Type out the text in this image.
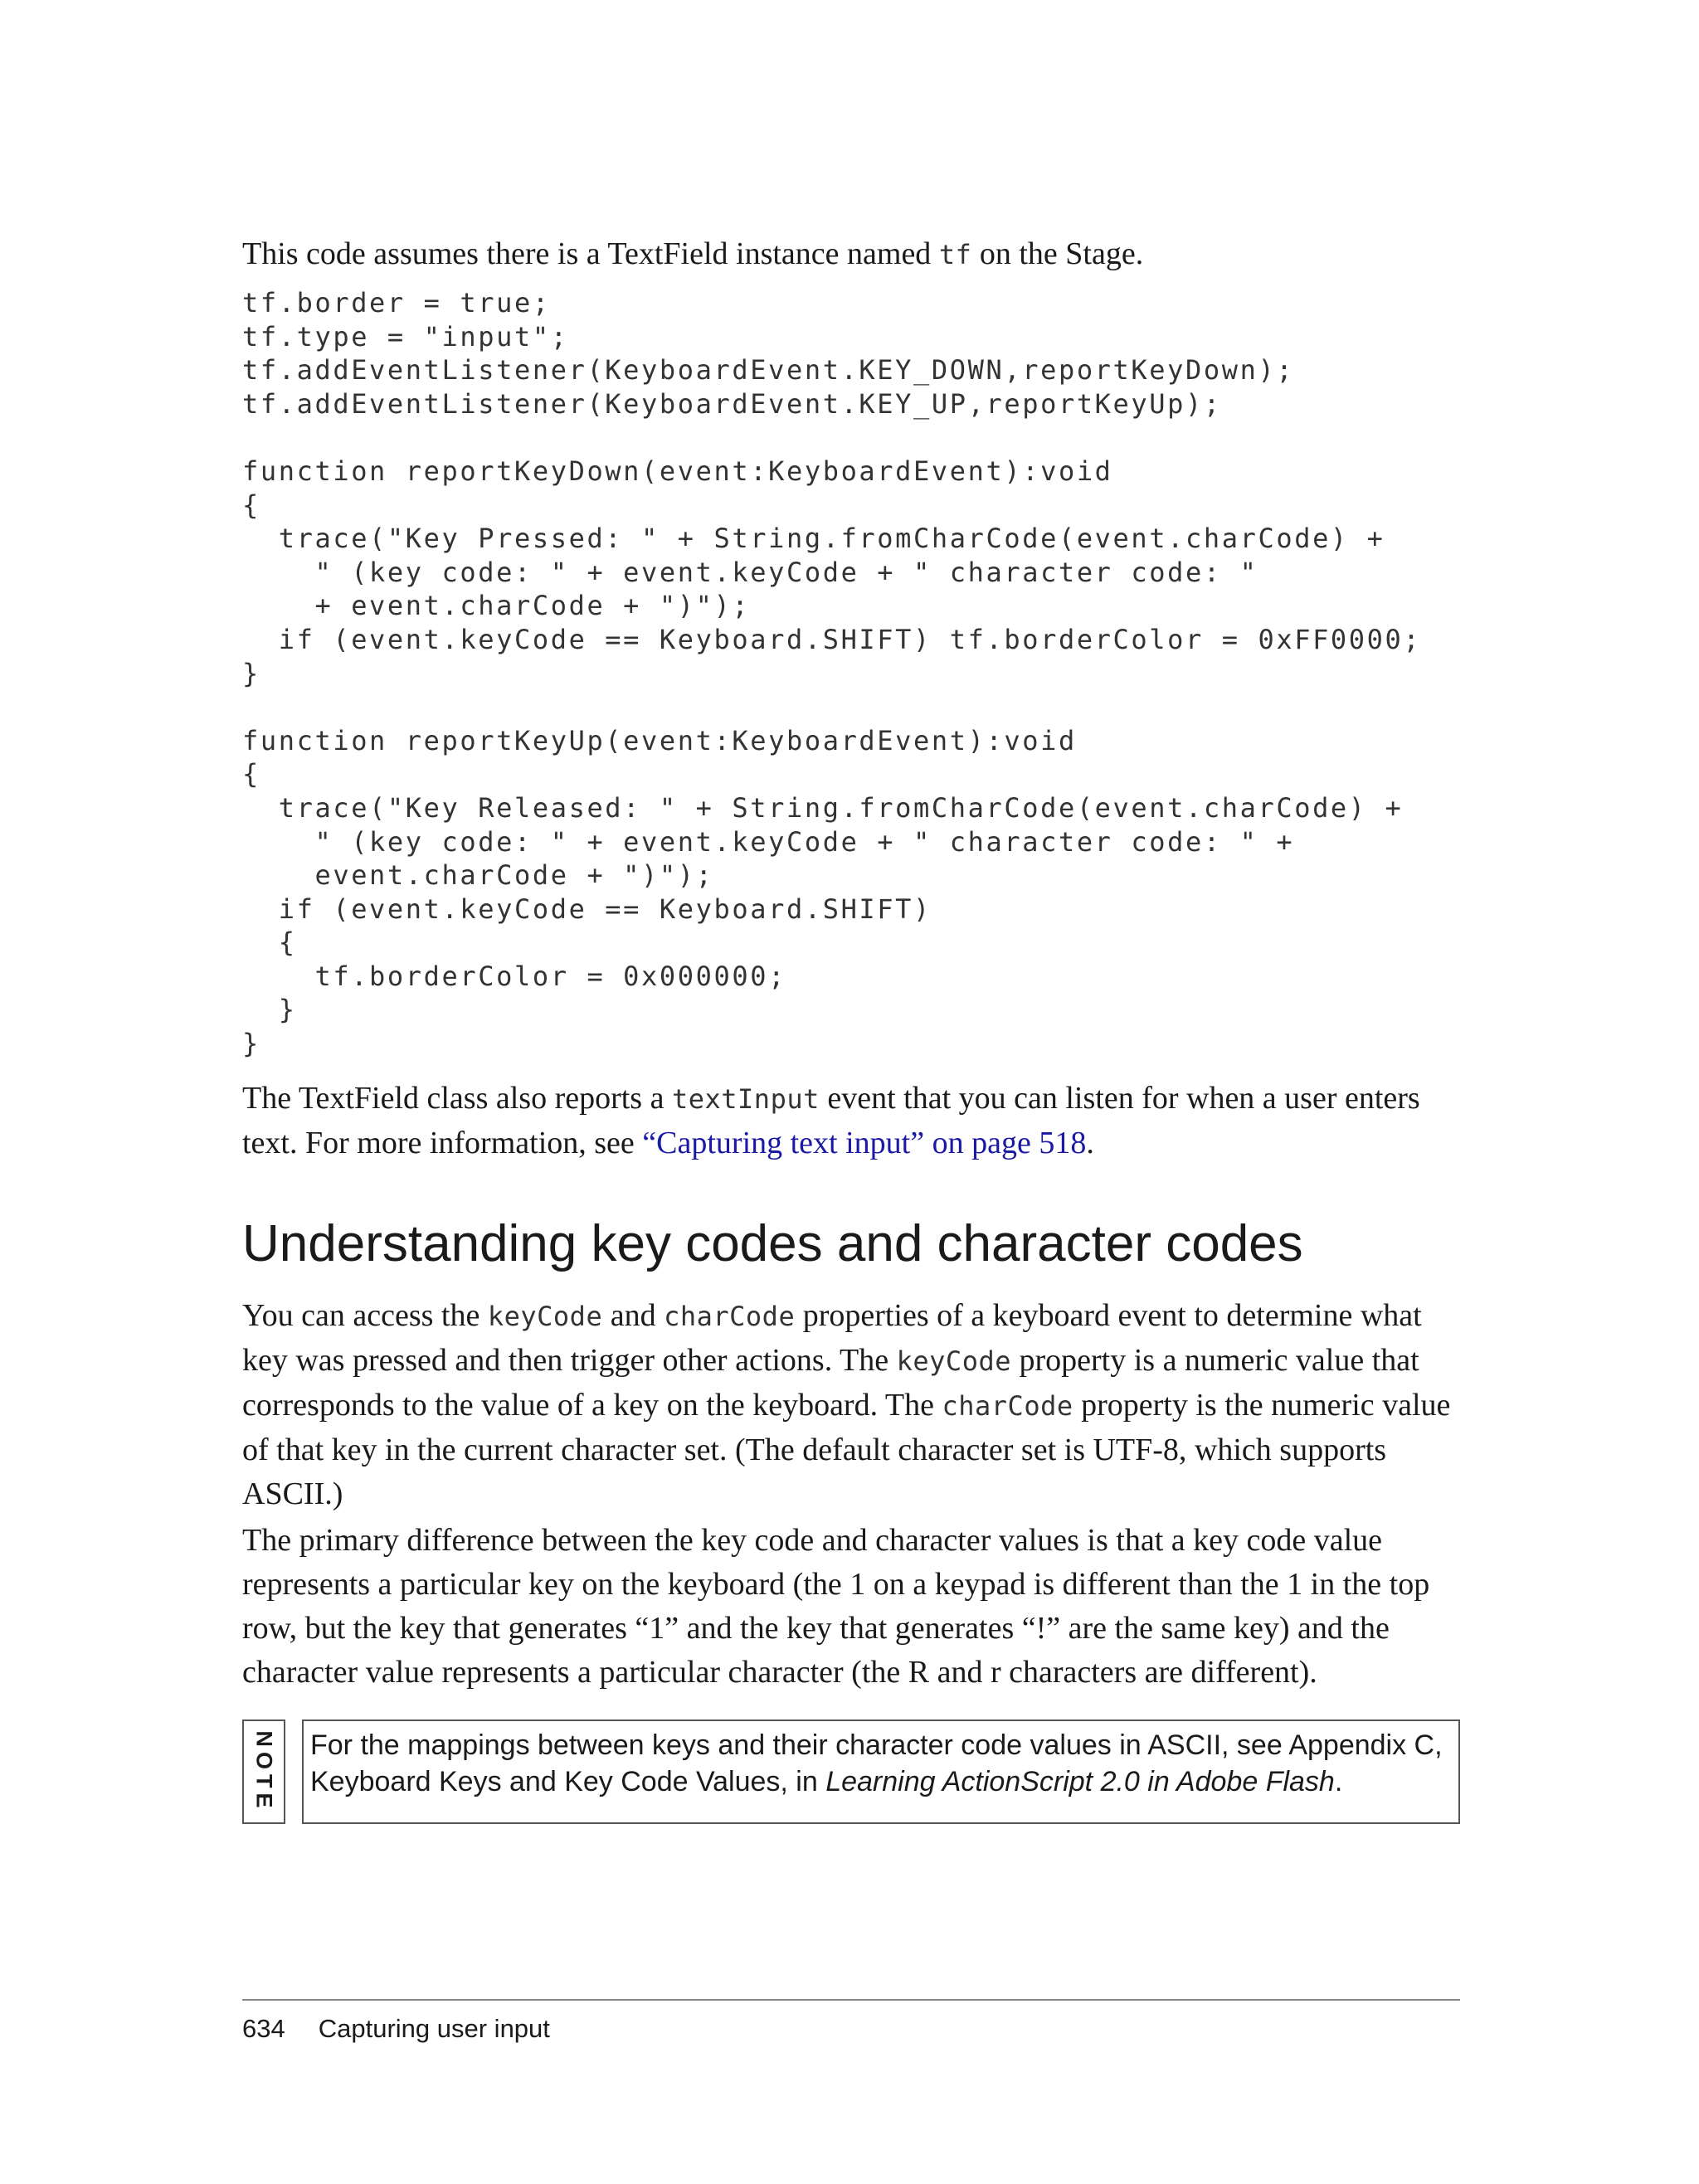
This code assumes there is a TextField instance named tf on the Stage.

tf.border = true;
tf.type = "input";
tf.addEventListener(KeyboardEvent.KEY_DOWN,reportKeyDown);
tf.addEventListener(KeyboardEvent.KEY_UP,reportKeyUp);

function reportKeyDown(event:KeyboardEvent):void
{
trace("Key Pressed: " + String.fromCharCode(event.charCode) +
" (key code: " + event.keyCode + " character code: "
+ event.charCode + ")");
if (event.keyCode == Keyboard.SHIFT) tf.borderColor = 0xFF0000;
}

function reportKeyUp(event:KeyboardEvent):void
{
trace("Key Released: " + String.fromCharCode(event.charCode) +
" (key code: " + event.keyCode + " character code: " +
event.charCode + ")");
if (event.keyCode == Keyboard.SHIFT)
{
tf.borderColor = 0x000000;
}
}

The TextField class also reports a textInput event that you can listen for when a user enters text. For more information, see “Capturing text input” on page 518.

Understanding key codes and character codes

You can access the keyCode and charCode properties of a keyboard event to determine what key was pressed and then trigger other actions. The keyCode property is a numeric value that corresponds to the value of a key on the keyboard. The charCode property is the numeric value of that key in the current character set. (The default character set is UTF-8, which supports ASCII.)

The primary difference between the key code and character values is that a key code value represents a particular key on the keyboard (the 1 on a keypad is different than the 1 in the top row, but the key that generates “1” and the key that generates “!” are the same key) and the character value represents a particular character (the R and r characters are different).

NOTE For the mappings between keys and their character code values in ASCII, see Appendix C, Keyboard Keys and Key Code Values, in Learning ActionScript 2.0 in Adobe Flash.
634 Capturing user input
